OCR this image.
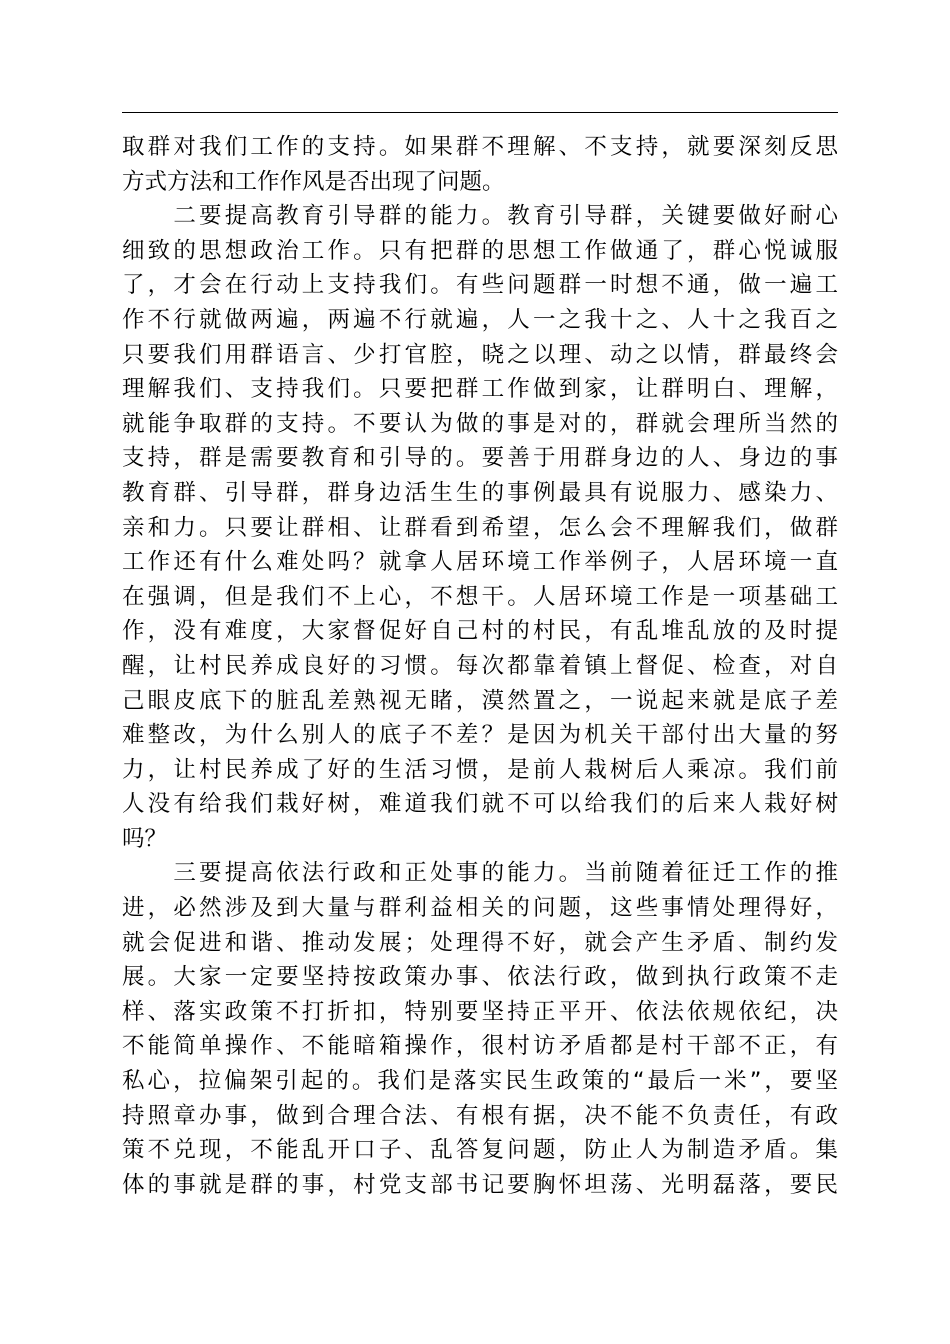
取群对我们工作的支持。如果群不理解、不支持，就要深刻反思
方式方法和工作作风是否出现了问题。
　　二要提高教育引导群的能力。教育引导群，关键要做好耐心
细致的思想政治工作。只有把群的思想工作做通了，群心悦诚服
了，才会在行动上支持我们。有些问题群一时想不通，做一遍工
作不行就做两遍，两遍不行就遍，人一之我十之、人十之我百之
只要我们用群语言、少打官腔，晓之以理、动之以情，群最终会
理解我们、支持我们。只要把群工作做到家，让群明白、理解，
就能争取群的支持。不要认为做的事是对的，群就会理所当然的
支持，群是需要教育和引导的。要善于用群身边的人、身边的事
教育群、引导群，群身边活生生的事例最具有说服力、感染力、
亲和力。只要让群相、让群看到希望，怎么会不理解我们，做群
工作还有什么难处吗？就拿人居环境工作举例子，人居环境一直
在强调，但是我们不上心，不想干。人居环境工作是一项基础工
作，没有难度，大家督促好自己村的村民，有乱堆乱放的及时提
醒，让村民养成良好的习惯。每次都靠着镇上督促、检查，对自
己眼皮底下的脏乱差熟视无睹，漠然置之，一说起来就是底子差
难整改，为什么别人的底子不差？是因为机关干部付出大量的努
力，让村民养成了好的生活习惯，是前人栽树后人乘凉。我们前
人没有给我们栽好树，难道我们就不可以给我们的后来人栽好树
吗？
　　三要提高依法行政和正处事的能力。当前随着征迁工作的推
进，必然涉及到大量与群利益相关的问题，这些事情处理得好，
就会促进和谐、推动发展；处理得不好，就会产生矛盾、制约发
展。大家一定要坚持按政策办事、依法行政，做到执行政策不走
样、落实政策不打折扣，特别要坚持正平开、依法依规依纪，决
不能简单操作、不能暗箱操作，很村访矛盾都是村干部不正，有
私心，拉偏架引起的。我们是落实民生政策的“最后一米”，要坚
持照章办事，做到合理合法、有根有据，决不能不负责任，有政
策不兑现，不能乱开口子、乱答复问题，防止人为制造矛盾。集
体的事就是群的事，村党支部书记要胸怀坦荡、光明磊落，要民
